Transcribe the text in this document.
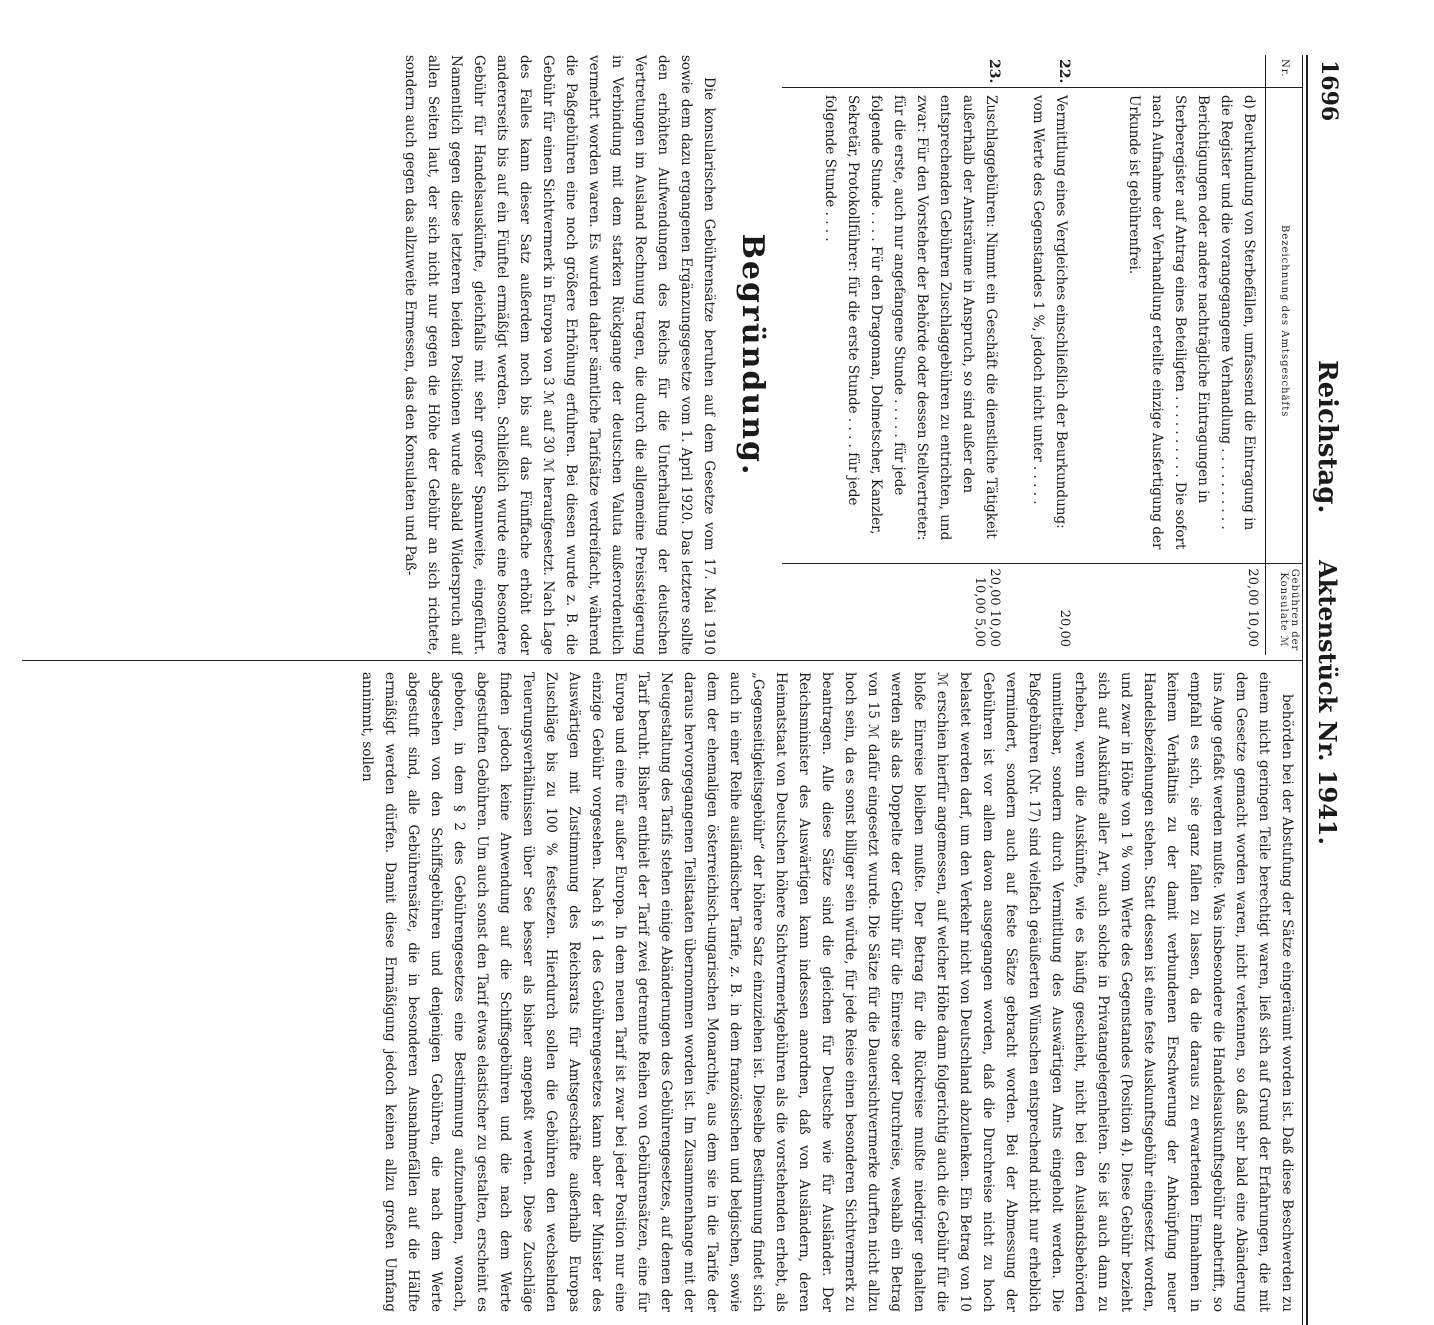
1696
Reichstag.
Aktenstück Nr. 1941.
Nr.
Bezeichnung des Amtsgeschäfts
Gebühren der Konsulate ℳ
d) Beurkundung von Sterbefällen, umfassend die Eintragung in die Register und die vorangegangene Verhandlung . . . . . . . . . . Berichtigungen oder andere nachträgliche Eintragungen in Sterberegister auf Antrag eines Beteiligten . . . . . . . . . . Die sofort nach Aufnahme der Verhandlung erteilte einzige Ausfertigung der Urkunde ist gebührenfrei.
20,00 10,00
22.
Vermittlung eines Vergleiches einschließlich der Beurkundung: vom Werte des Gegenstandes 1 %, jedoch nicht unter . . . . .
20,00
23.
Zuschlaggebühren: Nimmt ein Geschäft die dienstliche Tätigkeit außerhalb der Amtsräume in Anspruch, so sind außer den entsprechenden Gebühren Zuschlaggebühren zu entrichten, und zwar: Für den Vorsteher der Behörde oder dessen Stellvertreter: für die erste, auch nur angefangene Stunde . . . . . für jede folgende Stunde . . . . Für den Dragoman, Dolmetscher, Kanzler, Sekretär, Protokollführer: für die erste Stunde . . . . für jede folgende Stunde . . . .
20,00 10,00 10,00 5,00
Begründung.

Die konsularischen Gebührensätze beruhen auf dem Gesetze vom 17. Mai 1910 sowie dem dazu ergangenen Ergänzungsgesetze vom 1. April 1920. Das letztere sollte den erhöhten Aufwendungen des Reichs für die Unterhaltung der deutschen Vertretungen im Ausland Rechnung tragen, die durch die allgemeine Preissteigerung in Verbindung mit dem starken Rückgange der deutschen Valuta außerordentlich vermehrt worden waren. Es wurden daher sämtliche Tarifsätze verdreifacht, während die Paßgebühren eine noch größere Erhöhung erfuhren. Bei diesen wurde z. B. die Gebühr für einen Sichtvermerk in Europa von 3 ℳ auf 30 ℳ heraufgesetzt. Nach Lage des Falles kann dieser Satz außerdem noch bis auf das Fünffache erhöht oder andererseits bis auf ein Fünftel ermäßigt werden. Schließlich wurde eine besondere Gebühr für Handelsauskünfte, gleichfalls mit sehr großer Spannweite, eingeführt. Namentlich gegen diese letzteren beiden Positionen wurde alsbald Widerspruch auf allen Seiten laut, der sich nicht nur gegen die Höhe der Gebühr an sich richtete, sondern auch gegen das allzuweite Ermessen, das den Konsulaten und Paß-

behörden bei der Abstufung der Sätze eingeräumt worden ist. Daß diese Beschwerden zu einem nicht geringen Teile berechtigt waren, ließ sich auf Grund der Erfahrungen, die mit dem Gesetze gemacht worden waren, nicht verkennen, so daß sehr bald eine Abänderung ins Auge gefaßt werden mußte. Was insbesondere die Handelsauskunftsgebühr anbetrifft, so empfahl es sich, sie ganz fallen zu lassen, da die daraus zu erwartenden Einnahmen in keinem Verhältnis zu der damit verbundenen Erschwerung der Anknüpfung neuer Handelsbeziehungen stehen. Statt dessen ist eine feste Auskunftsgebühr eingesetzt worden, und zwar in Höhe von 1 % vom Werte des Gegenstandes (Position 4). Diese Gebühr bezieht sich auf Auskünfte aller Art, auch solche in Privatangelegenheiten. Sie ist auch dann zu erheben, wenn die Auskünfte, wie es häufig geschieht, nicht bei den Auslandsbehörden unmittelbar, sondern durch Vermittlung des Auswärtigen Amts eingeholt werden. Die Paßgebühren (Nr. 17) sind vielfach geäußerten Wünschen entsprechend nicht nur erheblich vermindert, sondern auch auf feste Sätze gebracht worden. Bei der Abmessung der Gebühren ist vor allem davon ausgegangen worden, daß die Durchreise nicht zu hoch belastet werden darf, um den Verkehr nicht von Deutschland abzulenken. Ein Betrag von 10 ℳ erschien hierfür angemessen, auf welcher Höhe dann folgerichtig auch die Gebühr für die bloße Einreise bleiben mußte. Der Betrag für die Rückreise mußte niedriger gehalten werden als das Doppelte der Gebühr für die Einreise oder Durchreise, weshalb ein Betrag von 15 ℳ dafür eingesetzt wurde. Die Sätze für die Dauersichtvermerke durften nicht allzu hoch sein, da es sonst billiger sein würde, für jede Reise einen besonderen Sichtvermerk zu beantragen. Alle diese Sätze sind die gleichen für Deutsche wie für Ausländer. Der Reichsminister des Auswärtigen kann indessen anordnen, daß von Ausländern, deren Heimatstaat von Deutschen höhere Sichtvermerkgebühren als die vorstehenden erhebt, als „Gegenseitigkeitsgebühr“ der höhere Satz einzuziehen ist. Dieselbe Bestimmung findet sich auch in einer Reihe ausländischer Tarife, z. B. in dem französischen und belgischen, sowie dem der ehemaligen österreichisch-ungarischen Monarchie, aus dem sie in die Tarife der daraus hervorgegangenen Teilstaaten übernommen worden ist. Im Zusammenhange mit der Neugestaltung des Tarifs stehen einige Abänderungen des Gebührengesetzes, auf denen der Tarif beruht. Bisher enthielt der Tarif zwei getrennte Reihen von Gebührensätzen, eine für Europa und eine für außer Europa. In dem neuen Tarif ist zwar bei jeder Position nur eine einzige Gebühr vorgesehen. Nach § 1 des Gebührengesetzes kann aber der Minister des Auswärtigen mit Zustimmung des Reichsrats für Amtsgeschäfte außerhalb Europas Zuschläge bis zu 100 % festsetzen. Hierdurch sollen die Gebühren den wechselnden Teuerungsverhältnissen über See besser als bisher angepaßt werden. Diese Zuschläge finden jedoch keine Anwendung auf die Schiffsgebühren und die nach dem Werte abgestuften Gebühren. Um auch sonst den Tarif etwas elastischer zu gestalten, erscheint es geboten, in dem § 2 des Gebührengesetzes eine Bestimmung aufzunehmen, wonach, abgesehen von den Schiffsgebühren und denjenigen Gebühren, die nach dem Werte abgestuft sind, alle Gebührensätze, die in besonderen Ausnahmefällen auf die Hälfte ermäßigt werden dürfen. Damit diese Ermäßigung jedoch keinen allzu großen Umfang annimmt, sollen
